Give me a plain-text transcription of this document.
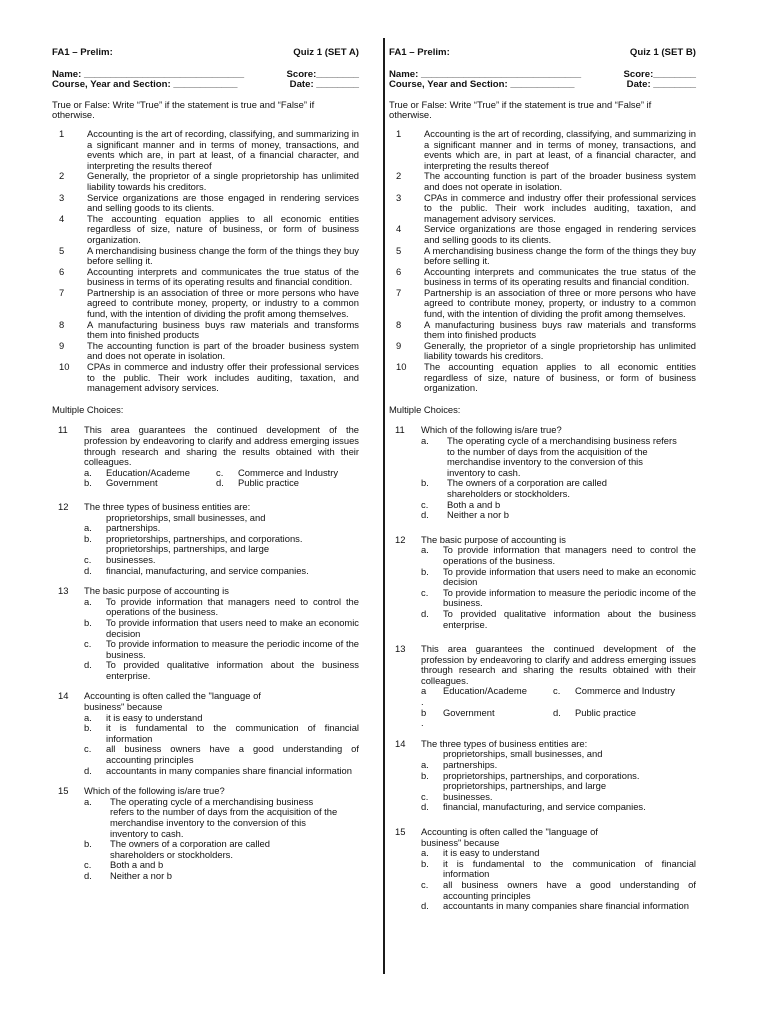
FA1 – Prelim:	Quiz 1 (SET A)
Name: ______________________________	Score:________
Course, Year and Section: ____________	Date: ________
True or False: Write “True” if the statement is true and “False” if otherwise.
1	Accounting is the art of recording, classifying, and summarizing in a significant manner and in terms of money, transactions, and events which are, in part at least, of a financial character, and interpreting the results thereof
2	Generally, the proprietor of a single proprietorship has unlimited liability towards his creditors.
3	Service organizations are those engaged in rendering services and selling goods to its clients.
4	The accounting equation applies to all economic entities regardless of size, nature of business, or form of business organization.
5	A merchandising business change the form of the things they buy before selling it.
6	Accounting interprets and communicates the true status of the business in terms of its operating results and financial condition.
7	Partnership is an association of three or more persons who have agreed to contribute money, property, or industry to a common fund, with the intention of dividing the profit among themselves.
8	A manufacturing business buys raw materials and transforms them into finished products
9	The accounting function is part of the broader business system and does not operate in isolation.
10	CPAs in commerce and industry offer their professional services to the public. Their work includes auditing, taxation, and management advisory services.
Multiple Choices:
11	This area guarantees the continued development of the profession by endeavoring to clarify and address emerging issues through research and sharing the results obtained with their colleagues.
a.	Education/Academe	c.	Commerce and Industry
b.	Government	d.	Public practice
12	The three types of business entities are:
proprietorships, small businesses, and
a.	partnerships.
b.	proprietorships, partnerships, and corporations.
proprietorships, partnerships, and large
c.	businesses.
d.	financial, manufacturing, and service companies.
13	The basic purpose of accounting is
a.	To provide information that managers need to control the operations of the business.
b.	To provide information that users need to make an economic decision
c.	To provide information to measure the periodic income of the business.
d.	To provided qualitative information about the business enterprise.
14	Accounting is often called the "language of business" because
a.	it is easy to understand
b.	it is fundamental to the communication of financial information
c.	all business owners have a good understanding of accounting principles
d.	accountants in many companies share financial information
15	Which of the following is/are true?
a.	The operating cycle of a merchandising business refers to the number of days from the acquisition of the merchandise inventory to the conversion of this inventory to cash.
b.	The owners of a corporation are called shareholders or stockholders.
c.	Both a and b
d.	Neither a nor b
FA1 – Prelim:	Quiz 1 (SET B)
Name: ______________________________	Score:________
Course, Year and Section: ____________	Date: ________
True or False: Write “True” if the statement is true and “False” if otherwise.
1	Accounting is the art of recording, classifying, and summarizing in a significant manner and in terms of money, transactions, and events which are, in part at least, of a financial character, and interpreting the results thereof
2	The accounting function is part of the broader business system and does not operate in isolation.
3	CPAs in commerce and industry offer their professional services to the public. Their work includes auditing, taxation, and management advisory services.
4	Service organizations are those engaged in rendering services and selling goods to its clients.
5	A merchandising business change the form of the things they buy before selling it.
6	Accounting interprets and communicates the true status of the business in terms of its operating results and financial condition.
7	Partnership is an association of three or more persons who have agreed to contribute money, property, or industry to a common fund, with the intention of dividing the profit among themselves.
8	A manufacturing business buys raw materials and transforms them into finished products
9	Generally, the proprietor of a single proprietorship has unlimited liability towards his creditors.
10	The accounting equation applies to all economic entities regardless of size, nature of business, or form of business organization.
Multiple Choices:
11	Which of the following is/are true?
a.	The operating cycle of a merchandising business refers to the number of days from the acquisition of the merchandise inventory to the conversion of this inventory to cash.
b.	The owners of a corporation are called shareholders or stockholders.
c.	Both a and b
d.	Neither a nor b
12	The basic purpose of accounting is
a.	To provide information that managers need to control the operations of the business.
b.	To provide information that users need to make an economic decision
c.	To provide information to measure the periodic income of the business.
d.	To provided qualitative information about the business enterprise.
13	This area guarantees the continued development of the profession by endeavoring to clarify and address emerging issues through research and sharing the results obtained with their colleagues.
a	Education/Academe	c.	Commerce and Industry
.
b	Government	d.	Public practice
.
14	The three types of business entities are:
proprietorships, small businesses, and
a.	partnerships.
b.	proprietorships, partnerships, and corporations.
proprietorships, partnerships, and large
c.	businesses.
d.	financial, manufacturing, and service companies.
15	Accounting is often called the "language of business" because
a.	it is easy to understand
b.	it is fundamental to the communication of financial information
c.	all business owners have a good understanding of accounting principles
d.	accountants in many companies share financial information
